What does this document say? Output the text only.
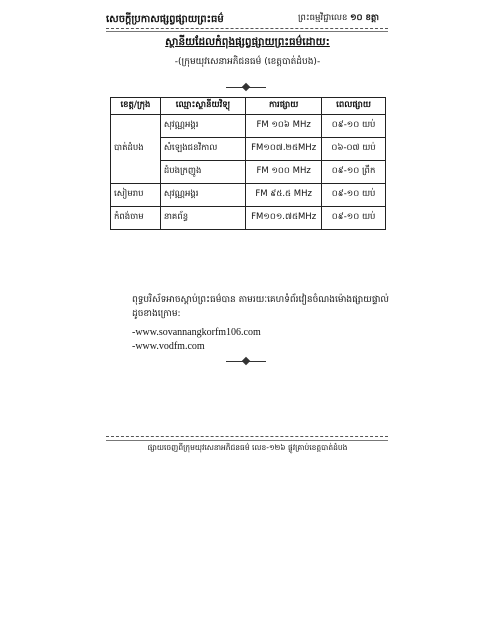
សេចក្តីប្រកាសផ្សព្វផ្សាយព្រះធម៌	ព្រះធម្មវិជ្ជាលេខ ១០ ខត្តា
ស្ថានីយដែលកំពុងផ្សព្វផ្សាយព្រះធម៌ដោយ:
-(ក្រុមយុវសេនាអភិជនធម៌ (ខេត្តបាត់ដំបង)-
ខេត្ត/ក្រុង	ឈ្មោះស្ថានីយវិទ្យុ	ការផ្សាយ	ពេលផ្សាយ
បាត់ដំបង	សុវណ្ណអង្គរ	FM ១០៦ MHz	០៩-១០ យប់
	សំឡេងជនវិកាល	FM១០៧.២៥MHz	០៦-០៧ យប់
	ដំបងក្រញូង	FM ១០០ MHz	០៩-១០ ព្រឹក
សៀមរាប	សុវណ្ណអង្គរ	FM ៩៥.៥ MHz	០៩-១០ យប់
កំពង់ចាម	នាគព័ន្ធ	FM១០១.៧៥MHz	០៩-១០ យប់
ពុទ្ធបរិស័ទអាចស្តាប់ព្រះធម៌បាន តាមរយៈគេហទំព័រវៀនចំណងម៉ោងផ្សាយផ្ទាល់ដូចខាងក្រោម:
-www.sovannangkorfm106.com
-www.vodfm.com
ផ្សាយចេញពីក្រុមយុវសេនាអភិជនធម៌ លេខ-១២៦ ផ្លូវគ្រាប់ខេត្តបាត់ដំបង
